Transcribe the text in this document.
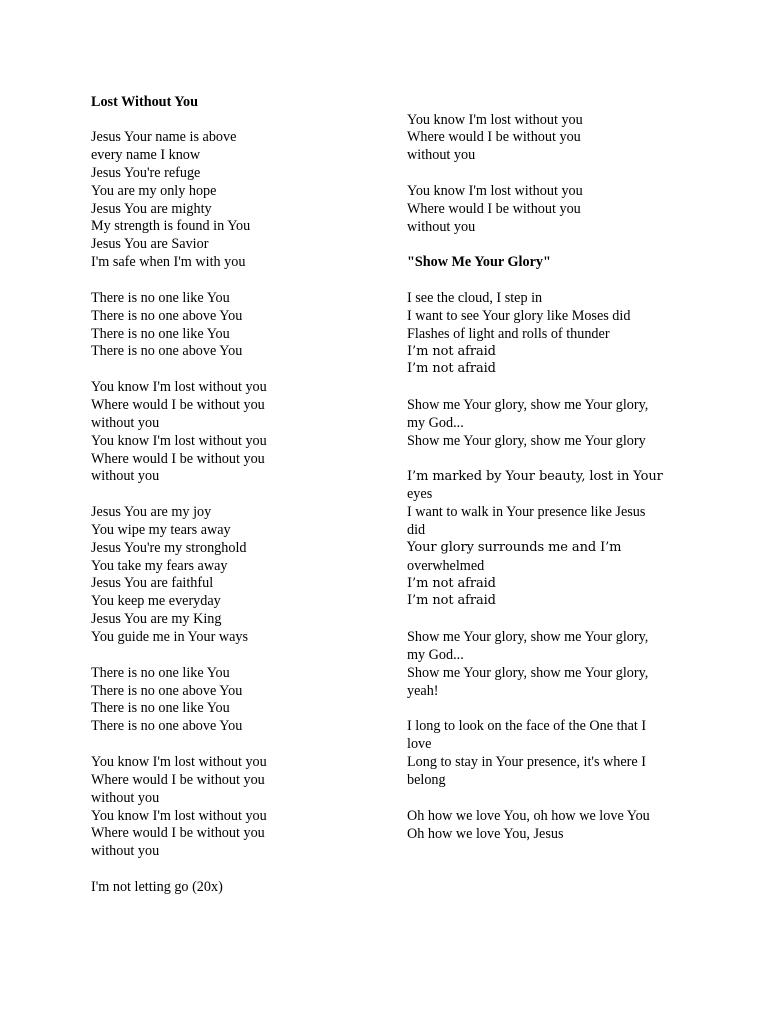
Lost Without You
Jesus Your name is above
every name I know
Jesus You're refuge
You are my only hope
Jesus You are mighty
My strength is found in You
Jesus You are Savior
I'm safe when I'm with you
There is no one like You
There is no one above You
There is no one like You
There is no one above You
You know I'm lost without you
Where would I be without you
without you
You know I'm lost without you
Where would I be without you
without you
Jesus You are my joy
You wipe my tears away
Jesus You're my stronghold
You take my fears away
Jesus You are faithful
You keep me everyday
Jesus You are my King
You guide me in Your ways
There is no one like You
There is no one above You
There is no one like You
There is no one above You
You know I'm lost without you
Where would I be without you
without you
You know I'm lost without you
Where would I be without you
without you
I'm not letting go (20x)
You know I'm lost without you
Where would I be without you
without you
You know I'm lost without you
Where would I be without you
without you
"Show Me Your Glory"
I see the cloud, I step in
I want to see Your glory like Moses did
Flashes of light and rolls of thunder
I’m not afraid
I’m not afraid
Show me Your glory, show me Your glory,
my God...
Show me Your glory, show me Your glory
I’m marked by Your beauty, lost in Your
eyes
I want to walk in Your presence like Jesus
did
Your glory surrounds me and I’m
overwhelmed
I’m not afraid
I’m not afraid
Show me Your glory, show me Your glory,
my God...
Show me Your glory, show me Your glory,
yeah!
I long to look on the face of the One that I
love
Long to stay in Your presence, it's where I
belong
Oh how we love You, oh how we love You
Oh how we love You, Jesus
